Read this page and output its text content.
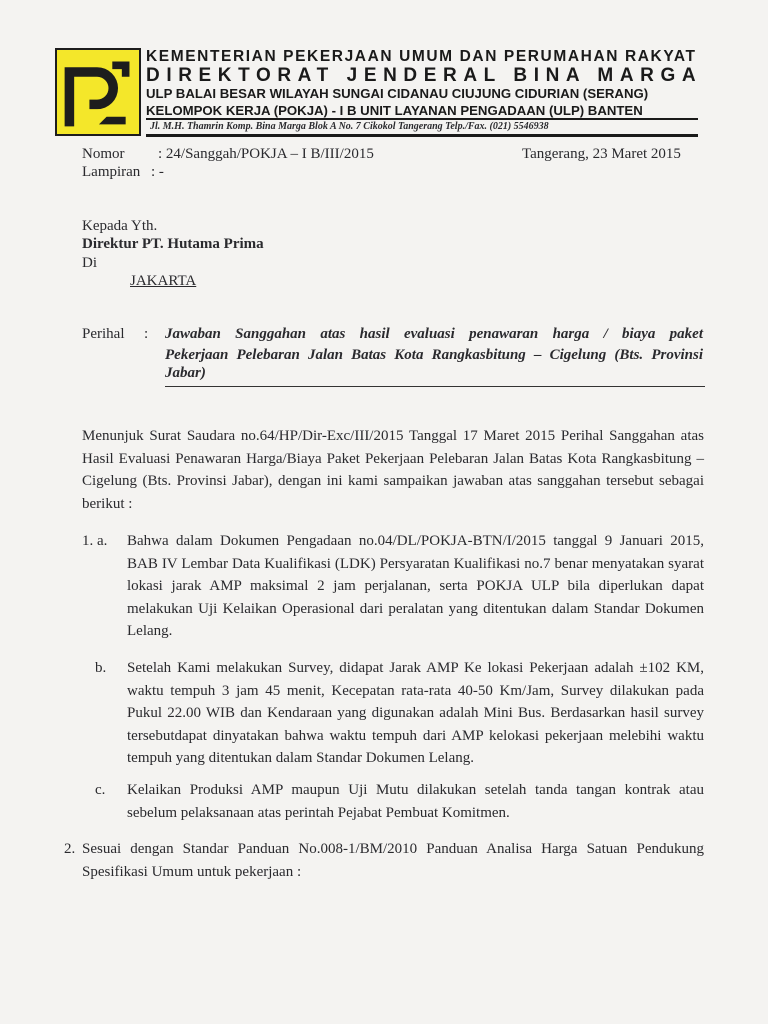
KEMENTERIAN PEKERJAAN UMUM DAN PERUMAHAN RAKYAT
DIREKTORAT JENDERAL BINA MARGA
ULP BALAI BESAR WILAYAH SUNGAI CIDANAU CIUJUNG CIDURIAN (SERANG)
KELOMPOK KERJA (POKJA) - I B UNIT LAYANAN PENGADAAN (ULP) BANTEN
Jl. M.H. Thamrin Komp. Bina Marga Blok A No. 7 Cikokol Tangerang Telp./Fax. (021) 5546938
Nomor : 24/Sanggah/POKJA – I B/III/2015	Tangerang, 23 Maret 2015
Lampiran : -
Kepada Yth.
Direktur PT. Hutama Prima
Di
JAKARTA
Perihal : Jawaban Sanggahan atas hasil evaluasi penawaran harga / biaya paket
Pekerjaan Pelebaran Jalan Batas Kota Rangkasbitung – Cigelung (Bts. Provinsi
Jabar)
Menunjuk Surat Saudara no.64/HP/Dir-Exc/III/2015 Tanggal 17 Maret 2015 Perihal Sanggahan atas Hasil Evaluasi Penawaran Harga/Biaya Paket Pekerjaan Pelebaran Jalan Batas Kota Rangkasbitung – Cigelung (Bts. Provinsi Jabar), dengan ini kami sampaikan jawaban atas sanggahan tersebut sebagai berikut :
1. a. Bahwa dalam Dokumen Pengadaan no.04/DL/POKJA-BTN/I/2015 tanggal 9 Januari 2015, BAB IV Lembar Data Kualifikasi (LDK) Persyaratan Kualifikasi no.7 benar menyatakan syarat lokasi jarak AMP maksimal 2 jam perjalanan, serta POKJA ULP bila diperlukan dapat melakukan Uji Kelaikan Operasional dari peralatan yang ditentukan dalam Standar Dokumen Lelang.
b. Setelah Kami melakukan Survey, didapat Jarak AMP Ke lokasi Pekerjaan adalah ±102 KM, waktu tempuh 3 jam 45 menit, Kecepatan rata-rata 40-50 Km/Jam, Survey dilakukan pada Pukul 22.00 WIB dan Kendaraan yang digunakan adalah Mini Bus. Berdasarkan hasil survey tersebutdapat dinyatakan bahwa waktu tempuh dari AMP kelokasi pekerjaan melebihi waktu tempuh yang ditentukan dalam Standar Dokumen Lelang.
c. Kelaikan Produksi AMP maupun Uji Mutu dilakukan setelah tanda tangan kontrak atau sebelum pelaksanaan atas perintah Pejabat Pembuat Komitmen.
2. Sesuai dengan Standar Panduan No.008-1/BM/2010 Panduan Analisa Harga Satuan Pendukung Spesifikasi Umum untuk pekerjaan :
